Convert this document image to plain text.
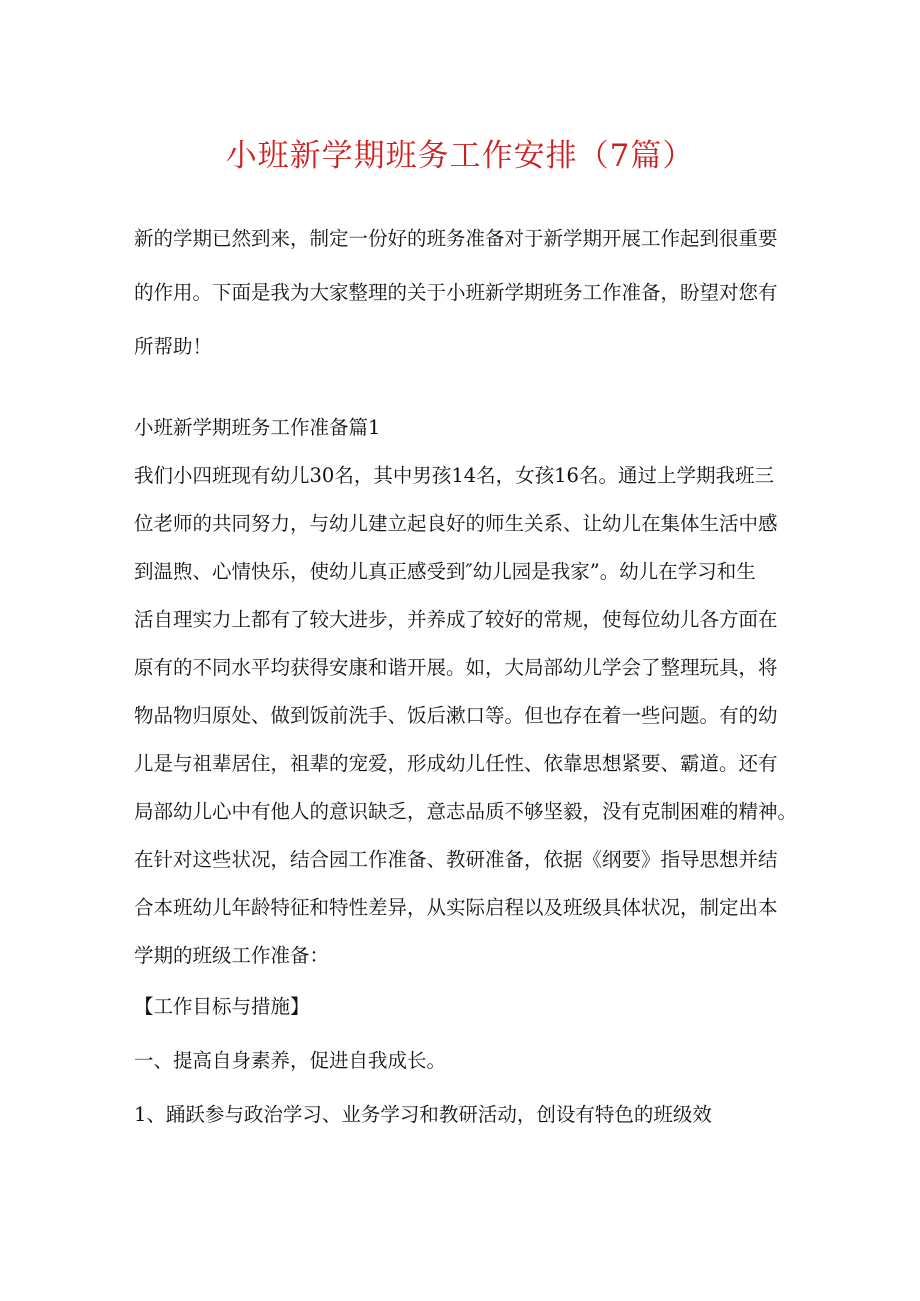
小班新学期班务工作安排（7篇）
新的学期已然到来，制定一份好的班务准备对于新学期开展工作起到很重要
的作用。下面是我为大家整理的关于小班新学期班务工作准备，盼望对您有
所帮助！
小班新学期班务工作准备篇1
我们小四班现有幼儿30名，其中男孩14名，女孩16名。通过上学期我班三
位老师的共同努力，与幼儿建立起良好的师生关系、让幼儿在集体生活中感
到温煦、心情快乐，使幼儿真正感受到″幼儿园是我家”。幼儿在学习和生
活自理实力上都有了较大进步，并养成了较好的常规，使每位幼儿各方面在
原有的不同水平均获得安康和谐开展。如，大局部幼儿学会了整理玩具，将
物品物归原处、做到饭前洗手、饭后漱口等。但也存在着一些问题。有的幼
儿是与祖辈居住，祖辈的宠爱，形成幼儿任性、依靠思想紧要、霸道。还有
局部幼儿心中有他人的意识缺乏，意志品质不够坚毅，没有克制困难的精神。
在针对这些状况，结合园工作准备、教研准备，依据《纲要》指导思想并结
合本班幼儿年龄特征和特性差异，从实际启程以及班级具体状况，制定出本
学期的班级工作准备：
【工作目标与措施】
一、提高自身素养，促进自我成长。
1、踊跃参与政治学习、业务学习和教研活动，创设有特色的班级效
